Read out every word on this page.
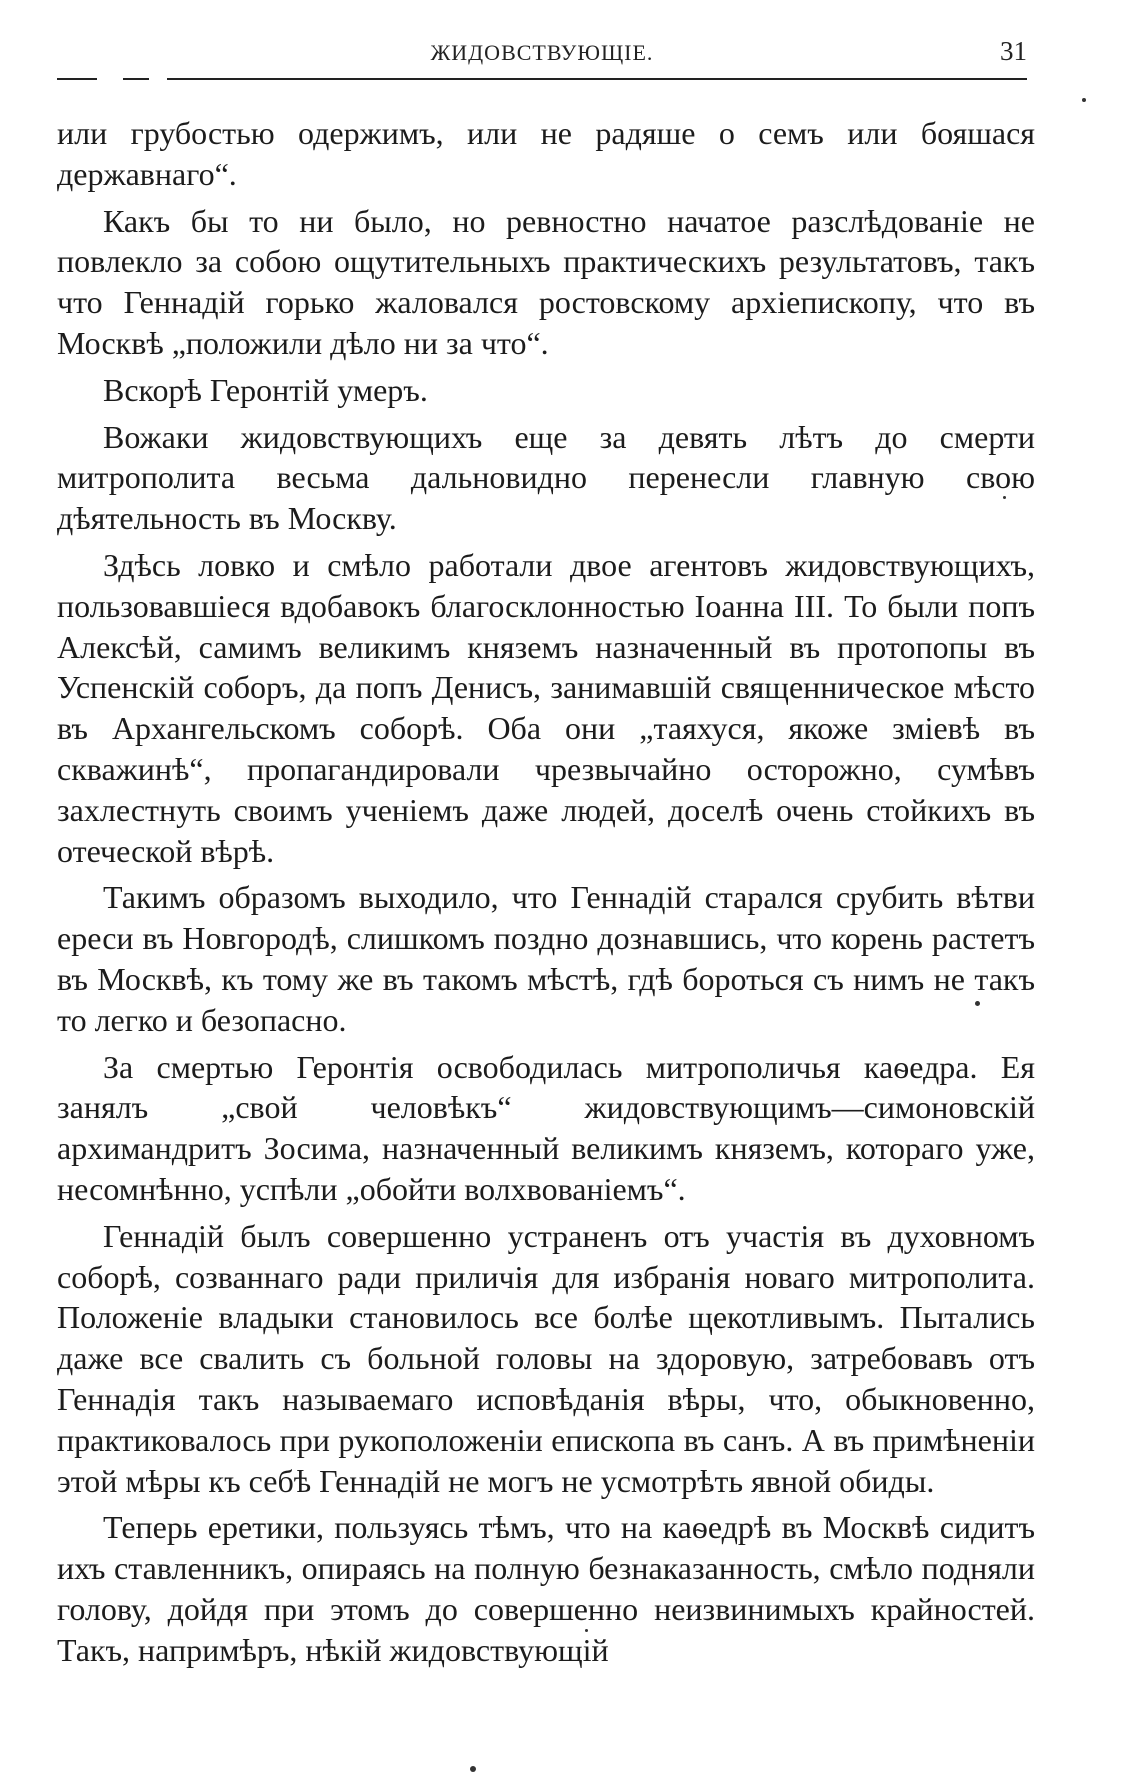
ЖИДОВСТВУЮЩIЕ.	31

или грубостью одержимъ, или не радяше о семъ или бояшася державнаго“.

Какъ бы то ни было, но ревностно начатое разслѣдованiе не повлекло за собою ощутительныхъ практическихъ результатовъ, такъ что Геннадiй горько жаловался ростовскому архiепископу, что въ Москвѣ „положили дѣло ни за что“.

Вскорѣ Геронтiй умеръ.

Вожаки жидовствующихъ еще за девять лѣтъ до смерти митрополита весьма дальновидно перенесли главную свою дѣятельность въ Москву.

Здѣсь ловко и смѣло работали двое агентовъ жидовствующихъ, пользовавшiеся вдобавокъ благосклонностью Iоанна III. То были попъ Алексѣй, самимъ великимъ княземъ назначенный въ протопопы въ Успенскiй соборъ, да попъ Денисъ, занимавшiй священническое мѣсто въ Архангельскомъ соборѣ. Оба они „таяхуся, якоже змiевѣ въ скважинѣ“, пропагандировали чрезвычайно осторожно, сумѣвъ захлестнуть своимъ ученiемъ даже людей, доселѣ очень стойкихъ въ отеческой вѣрѣ.

Такимъ образомъ выходило, что Геннадiй старался срубить вѣтви ереси въ Новгородѣ, слишкомъ поздно дознавшись, что корень растетъ въ Москвѣ, къ тому же въ такомъ мѣстѣ, гдѣ бороться съ нимъ не такъ то легко и безопасно.

За смертью Геронтiя освободилась митрополичья каѳедра. Ея занялъ „свой человѣкъ“ жидовствующимъ—симоновскiй архимандритъ Зосима, назначенный великимъ княземъ, котораго уже, несомнѣнно, успѣли „обойти волхвованiемъ“.

Геннадiй былъ совершенно устраненъ отъ участiя въ духовномъ соборѣ, созваннаго ради приличiя для избранiя новаго митрополита. Положенiе владыки становилось все болѣе щекотливымъ. Пытались даже все свалить съ больной головы на здоровую, затребовавъ отъ Геннадiя такъ называемаго исповѣданiя вѣры, что, обыкновенно, практиковалось при рукоположенiи епископа въ санъ. А въ примѣненiи этой мѣры къ себѣ Геннадiй не могъ не усмотрѣть явной обиды.

Теперь еретики, пользуясь тѣмъ, что на каѳедрѣ въ Москвѣ сидитъ ихъ ставленникъ, опираясь на полную безнаказанность, смѣло подняли голову, дойдя при этомъ до совершенно неизвинимыхъ крайностей. Такъ, напримѣръ, нѣкiй жидовствующiй
